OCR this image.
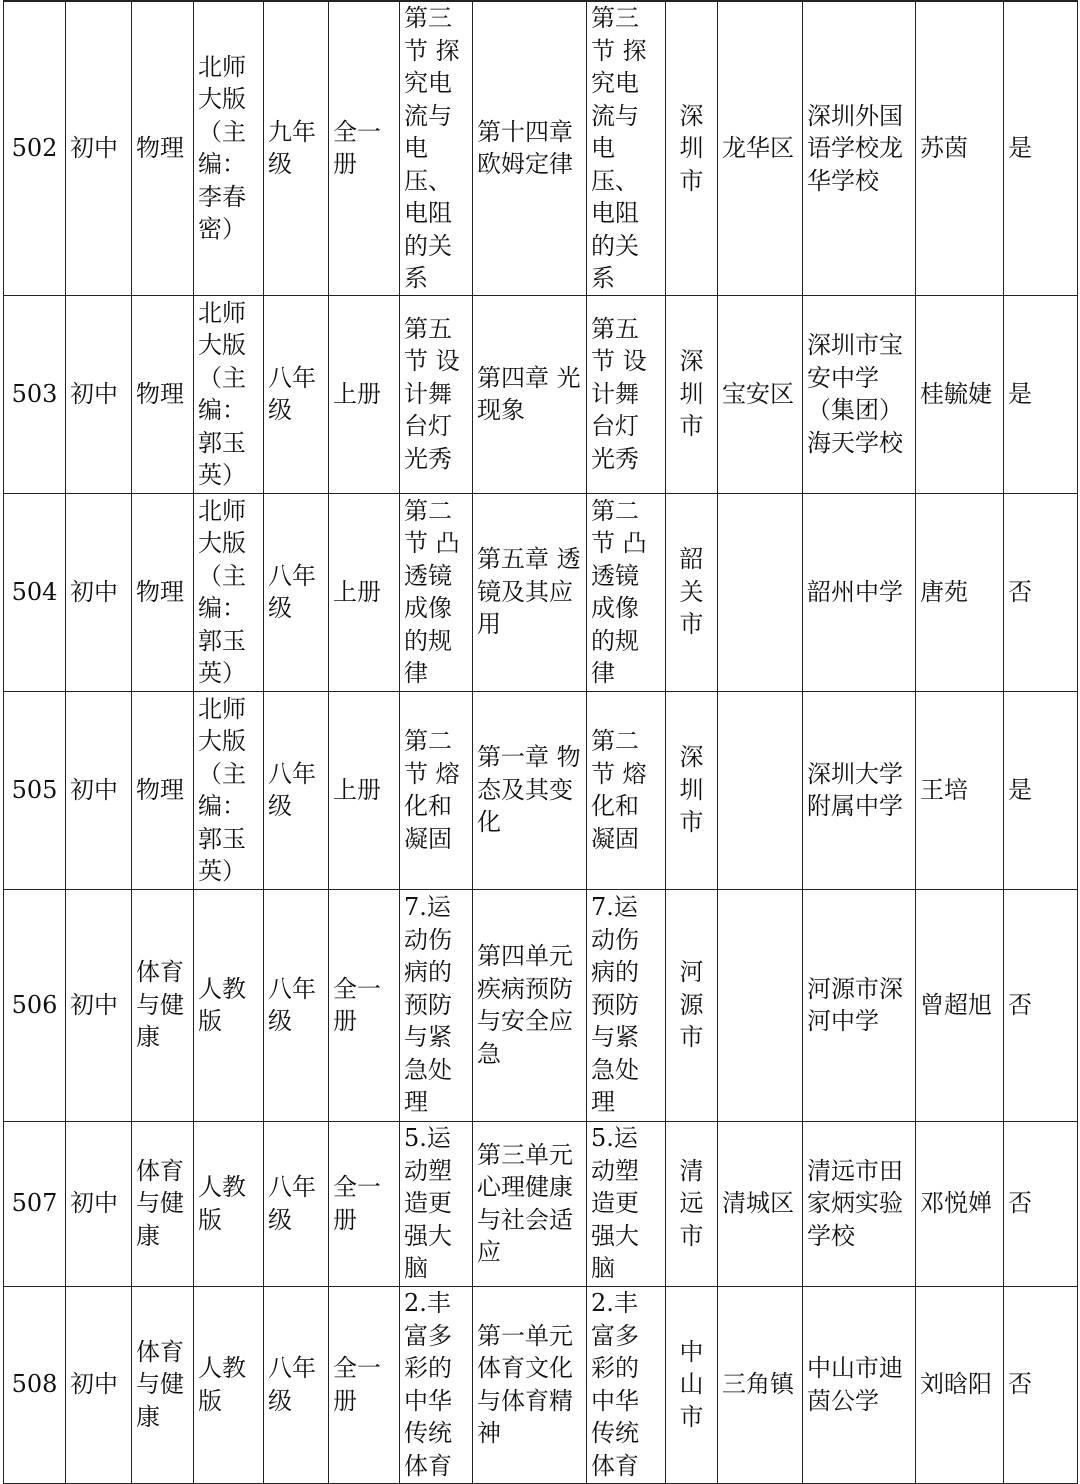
502	初中	物理	北师大版（主编：李春密）	九年级	全一册	第三节 探究电流与电压、电阻的关系	第十四章 欧姆定律	第三节 探究电流与电压、电阻的关系	深圳市	龙华区	深圳外国语学校龙华学校	苏茵	是
503	初中	物理	北师大版（主编：郭玉英）	八年级	上册	第五节 设计舞台灯光秀	第四章 光现象	第五节 设计舞台灯光秀	深圳市	宝安区	深圳市宝安中学（集团）海天学校	桂毓婕	是
504	初中	物理	北师大版（主编：郭玉英）	八年级	上册	第二节 凸透镜成像的规律	第五章 透镜及其应用	第二节 凸透镜成像的规律	韶关市		韶州中学	唐苑	否
505	初中	物理	北师大版（主编：郭玉英）	八年级	上册	第二节 熔化和凝固	第一章 物态及其变化	第二节 熔化和凝固	深圳市		深圳大学附属中学	王培	是
506	初中	体育与健康	人教版	八年级	全一册	7.运动伤病的预防与紧急处理	第四单元 疾病预防与安全应急	7.运动伤病的预防与紧急处理	河源市		河源市深河中学	曾超旭	否
507	初中	体育与健康	人教版	八年级	全一册	5.运动塑造更强大脑	第三单元 心理健康与社会适应	5.运动塑造更强大脑	清远市	清城区	清远市田家炳实验学校	邓悦婵	否
508	初中	体育与健康	人教版	八年级	全一册	2.丰富多彩的中华传统体育	第一单元 体育文化与体育精神	2.丰富多彩的中华传统体育	中山市	三角镇	中山市迪茵公学	刘晗阳	否
